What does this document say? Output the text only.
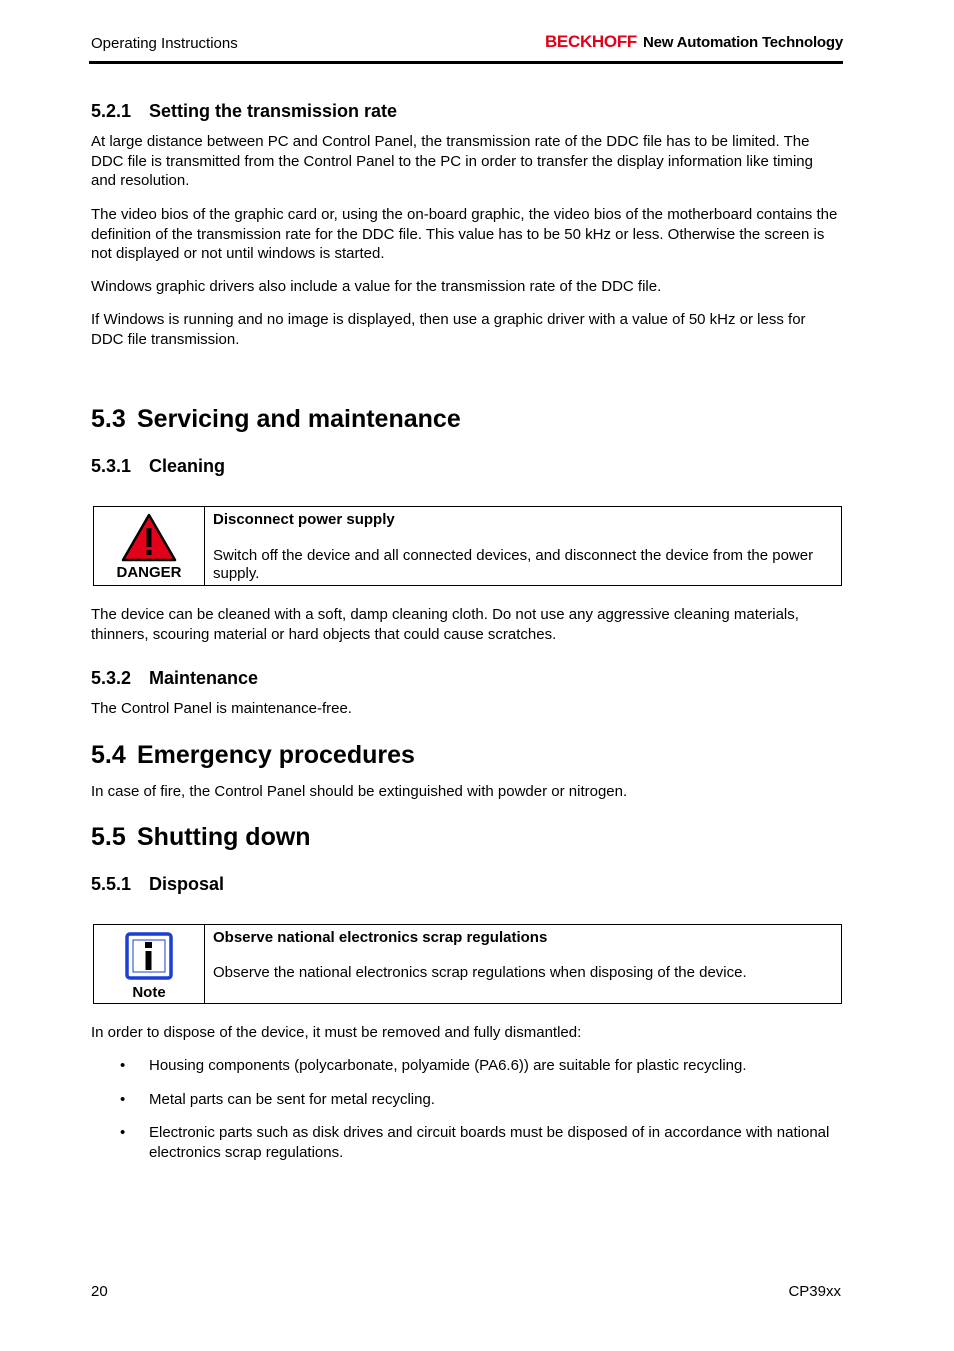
Operating Instructions	BECKHOFF New Automation Technology
5.2.1 Setting the transmission rate
At large distance between PC and Control Panel, the transmission rate of the DDC file has to be limited. The DDC file is transmitted from the Control Panel to the PC in order to transfer the display information like timing and resolution.
The video bios of the graphic card or, using the on-board graphic, the video bios of the motherboard contains the definition of the transmission rate for the DDC file. This value has to be 50 kHz or less. Otherwise the screen is not displayed or not until windows is started.
Windows graphic drivers also include a value for the transmission rate of the DDC file.
If Windows is running and no image is displayed, then use a graphic driver with a value of 50 kHz or less for DDC file transmission.
5.3 Servicing and maintenance
5.3.1 Cleaning
DANGER

Disconnect power supply
Switch off the device and all connected devices, and disconnect the device from the power supply.
The device can be cleaned with a soft, damp cleaning cloth. Do not use any aggressive cleaning materials, thinners, scouring material or hard objects that could cause scratches.
5.3.2 Maintenance
The Control Panel is maintenance-free.
5.4 Emergency procedures
In case of fire, the Control Panel should be extinguished with powder or nitrogen.
5.5 Shutting down
5.5.1 Disposal
Note

Observe national electronics scrap regulations
Observe the national electronics scrap regulations when disposing of the device.
In order to dispose of the device, it must be removed and fully dismantled:
• Housing components (polycarbonate, polyamide (PA6.6)) are suitable for plastic recycling.
• Metal parts can be sent for metal recycling.
• Electronic parts such as disk drives and circuit boards must be disposed of in accordance with national electronics scrap regulations.
20	CP39xx
